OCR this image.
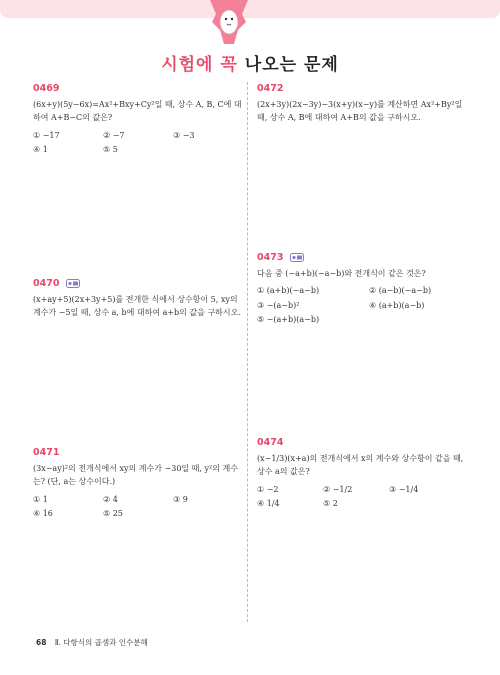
시험에 꼭 나오는 문제
0469
(6x+y)(5y−6x)=Ax²+Bxy+Cy²일 때, 상수 A, B, C에 대하여 A+B−C의 값은?
① −17	② −7	③ −3
④ 1	⑤ 5
0470
(x+ay+5)(2x+3y+5)를 전개한 식에서 상수항이 5, xy의 계수가 −5일 때, 상수 a, b에 대하여 a+b의 값을 구하시오.
0471
(3x−ay)²의 전개식에서 xy의 계수가 −30일 때, y²의 계수는? (단, a는 상수이다.)
① 1	② 4	③ 9
④ 16	⑤ 25
0472
(2x+3y)(2x−3y)−3(x+y)(x−y)를 계산하면 Ax²+By²일 때, 상수 A, B에 대하여 A+B의 값을 구하시오.
0473
다음 중 (−a+b)(−a−b)와 전개식이 같은 것은?
① (a+b)(−a−b)	② (a−b)(−a−b)
③ −(a−b)²	④ (a+b)(a−b)
⑤ −(a+b)(a−b)
0474
(x−1/3)(x+a)의 전개식에서 x의 계수와 상수항이 같을 때, 상수 a의 값은?
① −2	② −1/2	③ −1/4
④ 1/4	⑤ 2
68 Ⅱ. 다항식의 곱셈과 인수분해
